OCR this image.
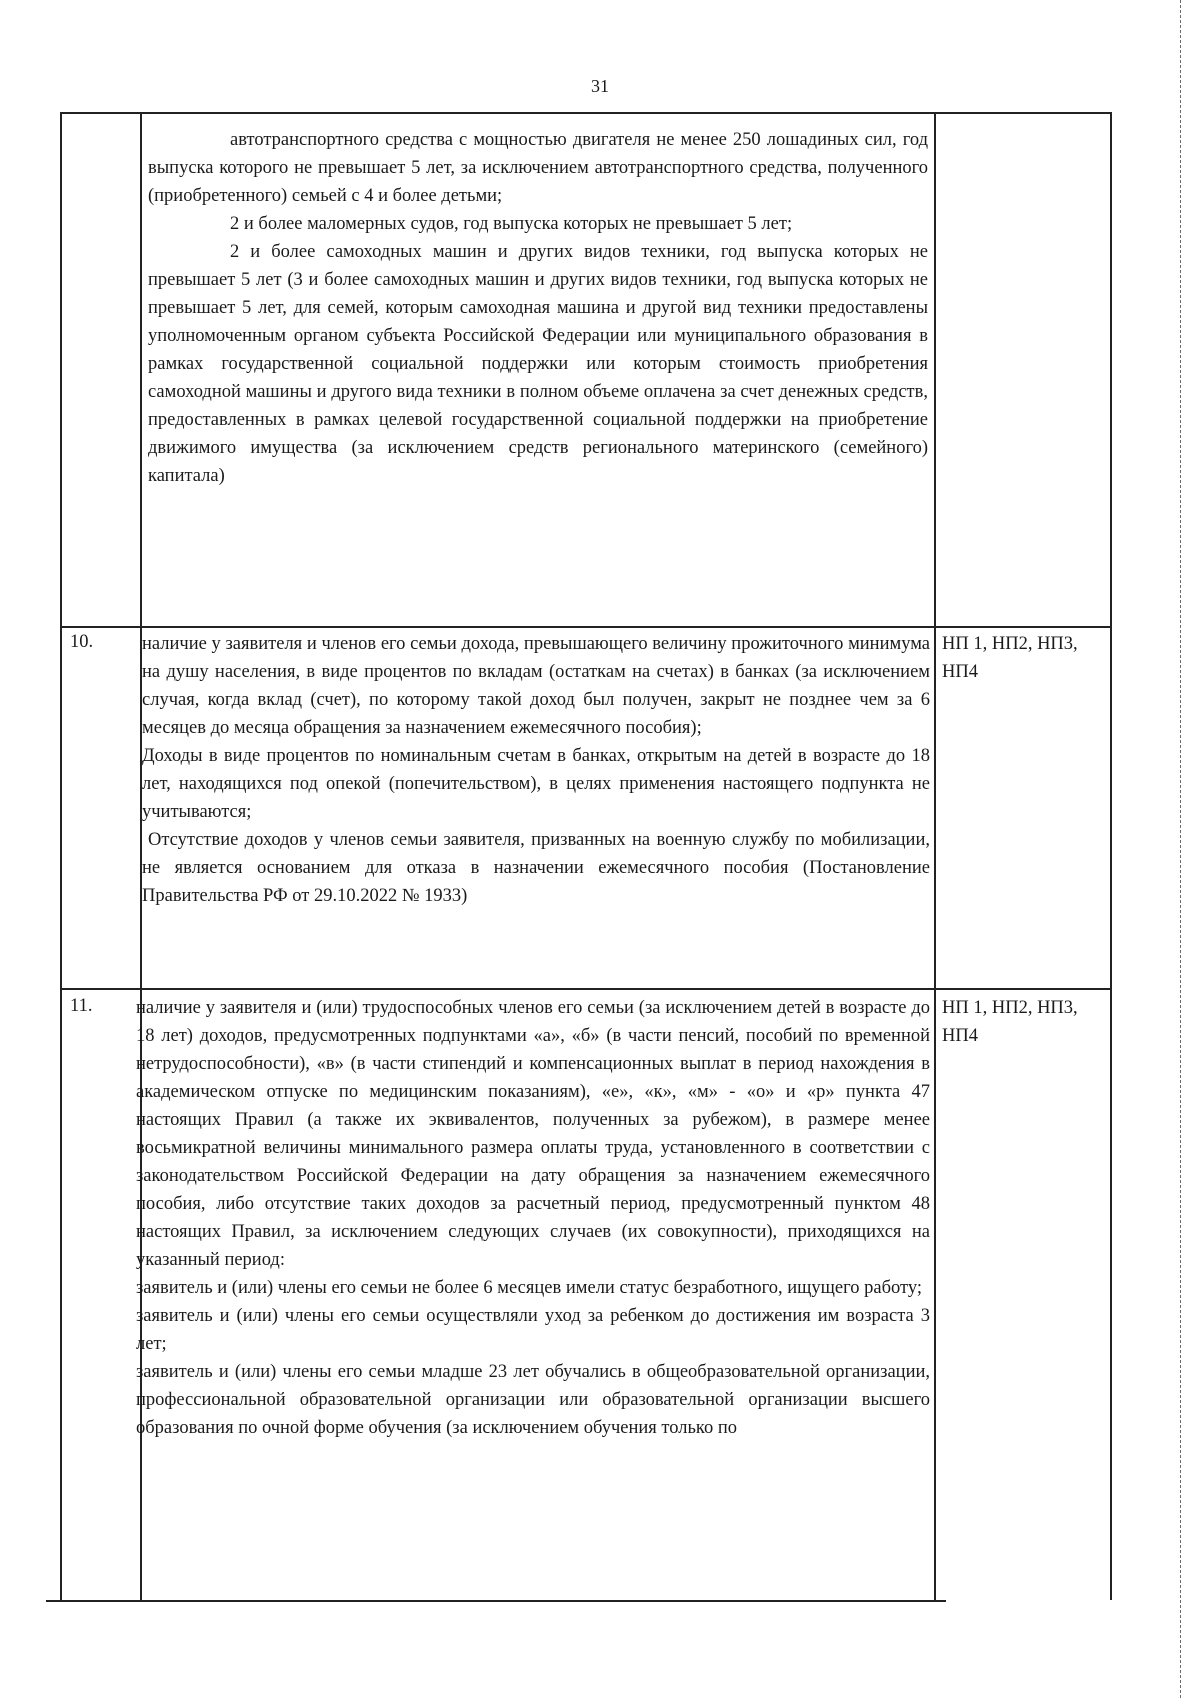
31

автотранспортного средства с мощностью двигателя не менее 250 лошадиных сил, год выпуска которого не превышает 5 лет, за исключением автотранспортного средства, полученного (приобретенного) семьей с 4 и более детьми;

2 и более маломерных судов, год выпуска которых не превышает 5 лет;

2 и более самоходных машин и других видов техники, год выпуска которых не превышает 5 лет (3 и более самоходных машин и других видов техники, год выпуска которых не превышает 5 лет, для семей, которым самоходная машина и другой вид техники предоставлены уполномоченным органом субъекта Российской Федерации или муниципального образования в рамках государственной социальной поддержки или которым стоимость приобретения самоходной машины и другого вида техники в полном объеме оплачена за счет денежных средств, предоставленных в рамках целевой государственной социальной поддержки на приобретение движимого имущества (за исключением средств регионального материнского (семейного) капитала)

10.	наличие у заявителя и членов его семьи дохода, превышающего величину прожиточного минимума на душу населения, в виде процентов по вкладам (остаткам на счетах) в банках (за исключением случая, когда вклад (счет), по которому такой доход был получен, закрыт не позднее чем за 6 месяцев до месяца обращения за назначением ежемесячного пособия);

Доходы в виде процентов по номинальным счетам в банках, открытым на детей в возрасте до 18 лет, находящихся под опекой (попечительством), в целях применения настоящего подпункта не учитываются;

Отсутствие доходов у членов семьи заявителя, призванных на военную службу по мобилизации, не является основанием для отказа в назначении ежемесячного пособия (Постановление Правительства РФ от 29.10.2022 № 1933)

НП 1, НП2, НП3, НП4
11. наличие у заявителя и (или) трудоспособных членов его семьи (за исключением детей в возрасте до 18 лет) доходов, предусмотренных подпунктами «а», «б» (в части пенсий, пособий по временной нетрудоспособности), «в» (в части стипендий и компенсационных выплат в период нахождения в академическом отпуске по медицинским показаниям), «е», «к», «м» - «о» и «р» пункта 47 настоящих Правил (а также их эквивалентов, полученных за рубежом), в размере менее восьмикратной величины минимального размера оплаты труда, установленного в соответствии с законодательством Российской Федерации на дату обращения за назначением ежемесячного пособия, либо отсутствие таких доходов за расчетный период, предусмотренный пунктом 48 настоящих Правил, за исключением следующих случаев (их совокупности), приходящихся на указанный период:

заявитель и (или) члены его семьи не более 6 месяцев имели статус безработного, ищущего работу;

заявитель и (или) члены его семьи осуществляли уход за ребенком до достижения им возраста 3 лет;

заявитель и (или) члены его семьи младше 23 лет обучались в общеобразовательной организации, профессиональной образовательной организации или образовательной организации высшего образования по очной форме обучения (за исключением обучения только по

НП 1, НП2, НП3, НП4
